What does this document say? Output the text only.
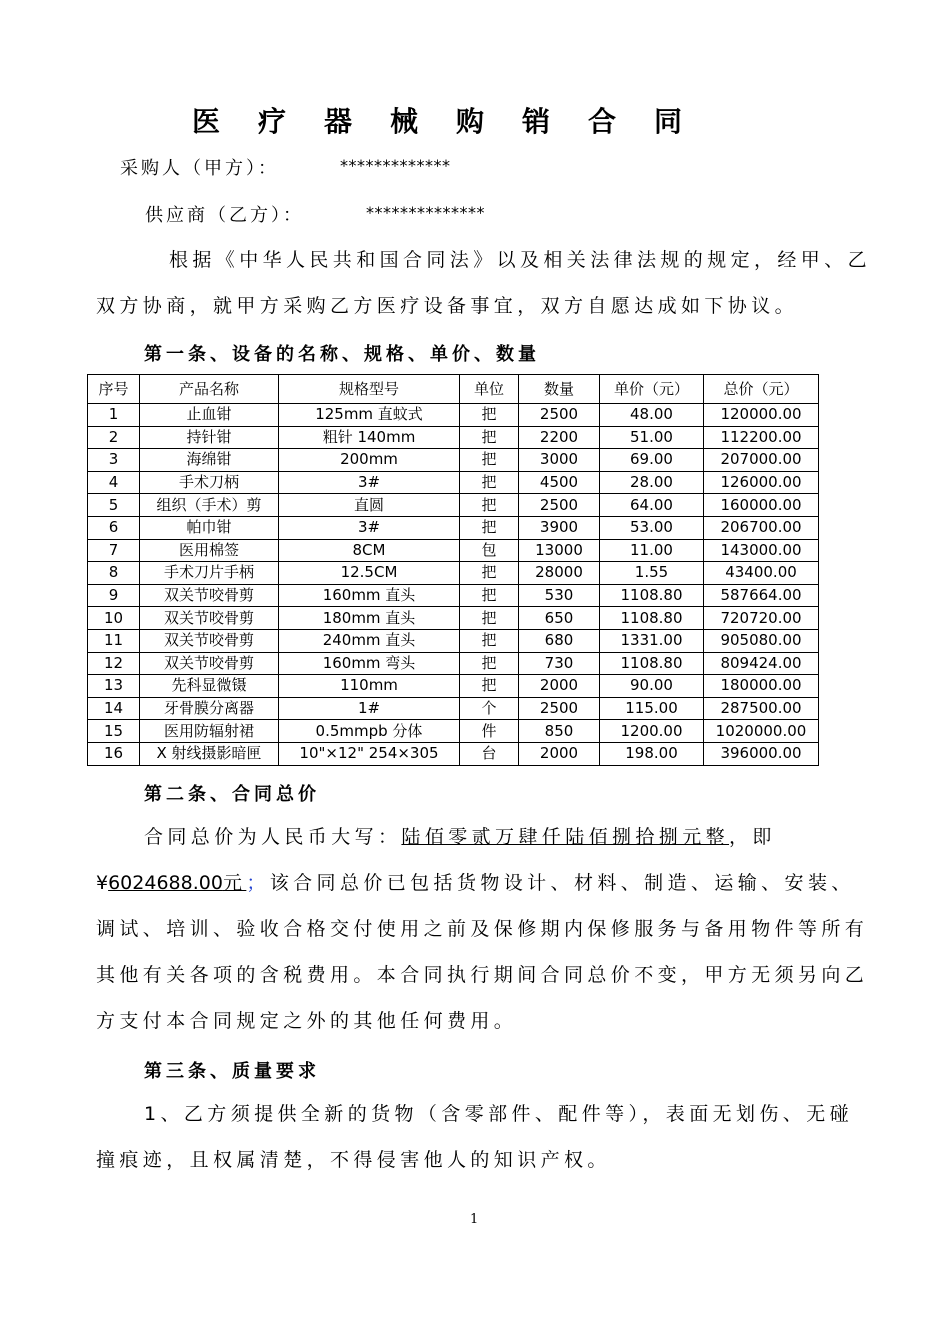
医疗器械购销合同
采购人（甲方）：	*************
供应商（乙方）：	**************
根据《中华人民共和国合同法》以及相关法律法规的规定，经甲、乙双方协商，就甲方采购乙方医疗设备事宜，双方自愿达成如下协议。
第一条、设备的名称、规格、单价、数量
序号	产品名称	规格型号	单位	数量	单价（元）	总价（元）
1	止血钳	125mm 直蚊式	把	2500	48.00	120000.00
2	持针钳	粗针 140mm	把	2200	51.00	112200.00
3	海绵钳	200mm	把	3000	69.00	207000.00
4	手术刀柄	3#	把	4500	28.00	126000.00
5	组织（手术）剪	直圆	把	2500	64.00	160000.00
6	帕巾钳	3#	把	3900	53.00	206700.00
7	医用棉签	8CM	包	13000	11.00	143000.00
8	手术刀片手柄	12.5CM	把	28000	1.55	43400.00
9	双关节咬骨剪	160mm 直头	把	530	1108.80	587664.00
10	双关节咬骨剪	180mm 直头	把	650	1108.80	720720.00
11	双关节咬骨剪	240mm 直头	把	680	1331.00	905080.00
12	双关节咬骨剪	160mm 弯头	把	730	1108.80	809424.00
13	先科显微镊	110mm	把	2000	90.00	180000.00
14	牙骨膜分离器	1#	个	2500	115.00	287500.00
15	医用防辐射裙	0.5mmpb 分体	件	850	1200.00	1020000.00
16	X 射线摄影暗匣	10"×12" 254×305	台	2000	198.00	396000.00
第二条、合同总价
合同总价为人民币大写：陆佰零贰万肆仟陆佰捌拾捌元整，即¥6024688.00元；该合同总价已包括货物设计、材料、制造、运输、安装、调试、培训、验收合格交付使用之前及保修期内保修服务与备用物件等所有其他有关各项的含税费用。本合同执行期间合同总价不变，甲方无须另向乙方支付本合同规定之外的其他任何费用。
第三条、质量要求
1、乙方须提供全新的货物（含零部件、配件等），表面无划伤、无碰撞痕迹，且权属清楚，不得侵害他人的知识产权。
1
